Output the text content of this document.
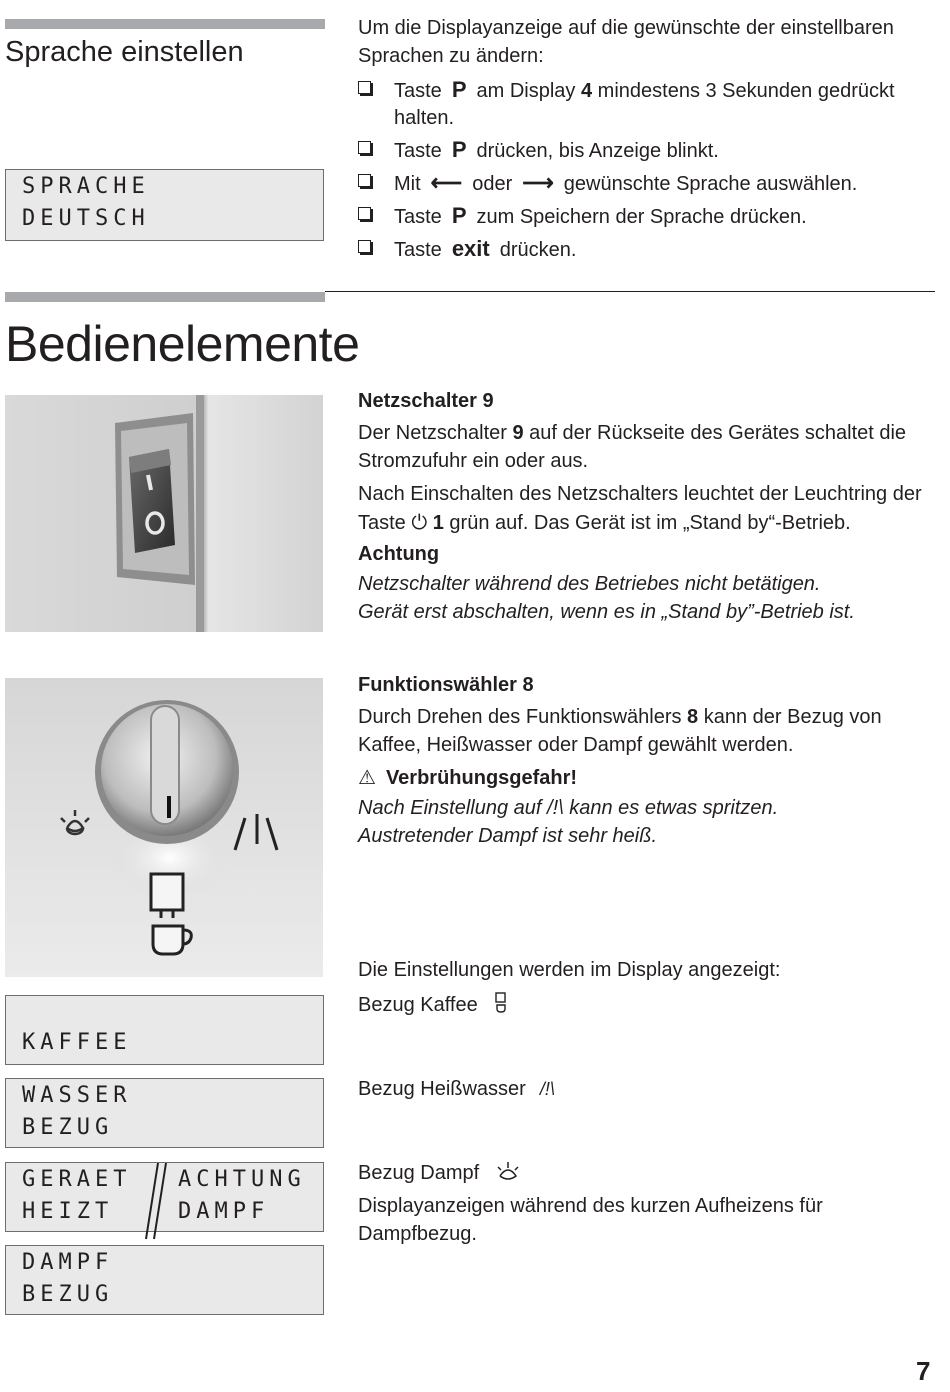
Sprache einstellen
SPRACHE
DEUTSCH

Um die Displayanzeige auf die gewünschte der einstellbaren Sprachen zu ändern:

Taste P am Display 4 mindestens 3 Sekunden gedrückt halten.
Taste P drücken, bis Anzeige blinkt.
Mit ⟵ oder ⟶ gewünschte Sprache auswählen.
Taste P zum Speichern der Sprache drücken.
Taste exit drücken.
Bedienelemente
Netzschalter 9

Der Netzschalter 9 auf der Rückseite des Gerätes schaltet die Stromzufuhr ein oder aus.

Nach Einschalten des Netzschalters leuchtet der Leuchtring der Taste ⏻ 1 grün auf. Das Gerät ist im „Stand by“-Betrieb.

Achtung

Netzschalter während des Betriebes nicht betätigen.

Gerät erst abschalten, wenn es in „Stand by”-Betrieb ist.

Funktionswähler 8

Durch Drehen des Funktionswählers 8 kann der Bezug von Kaffee, Heißwasser oder Dampf gewählt werden.

⚠ Verbrühungsgefahr!

Nach Einstellung auf /!\ kann es etwas spritzen.

Austretender Dampf ist sehr heiß.

Die Einstellungen werden im Display angezeigt:

Bezug Kaffee

Bezug Heißwasser /!\

Bezug Dampf

Displayanzeigen während des kurzen Aufheizens für Dampfbezug.

KAFFEE
WASSER
BEZUG
GERAET
HEIZT
ACHTUNG
DAMPF
DAMPF
BEZUG
7
